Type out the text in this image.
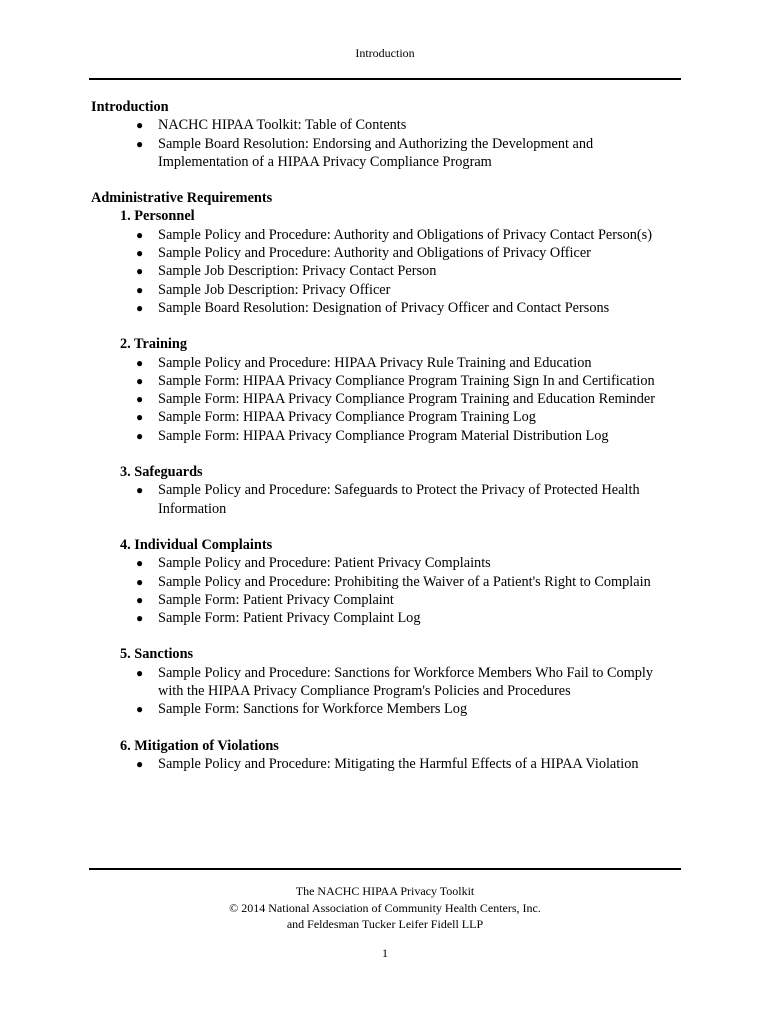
Introduction
Introduction
● NACHC HIPAA Toolkit: Table of Contents
● Sample Board Resolution: Endorsing and Authorizing the Development and Implementation of a HIPAA Privacy Compliance Program
Administrative Requirements
1. Personnel
● Sample Policy and Procedure: Authority and Obligations of Privacy Contact Person(s)
● Sample Policy and Procedure: Authority and Obligations of Privacy Officer
● Sample Job Description: Privacy Contact Person
● Sample Job Description: Privacy Officer
● Sample Board Resolution: Designation of Privacy Officer and Contact Persons
2. Training
● Sample Policy and Procedure: HIPAA Privacy Rule Training and Education
● Sample Form: HIPAA Privacy Compliance Program Training Sign In and Certification
● Sample Form: HIPAA Privacy Compliance Program Training and Education Reminder
● Sample Form: HIPAA Privacy Compliance Program Training Log
● Sample Form: HIPAA Privacy Compliance Program Material Distribution Log
3. Safeguards
● Sample Policy and Procedure: Safeguards to Protect the Privacy of Protected Health Information
4. Individual Complaints
● Sample Policy and Procedure: Patient Privacy Complaints
● Sample Policy and Procedure: Prohibiting the Waiver of a Patient's Right to Complain
● Sample Form: Patient Privacy Complaint
● Sample Form: Patient Privacy Complaint Log
5. Sanctions
● Sample Policy and Procedure: Sanctions for Workforce Members Who Fail to Comply with the HIPAA Privacy Compliance Program's Policies and Procedures
● Sample Form: Sanctions for Workforce Members Log
6. Mitigation of Violations
● Sample Policy and Procedure: Mitigating the Harmful Effects of a HIPAA Violation
The NACHC HIPAA Privacy Toolkit
© 2014 National Association of Community Health Centers, Inc.
and Feldesman Tucker Leifer Fidell LLP
1
